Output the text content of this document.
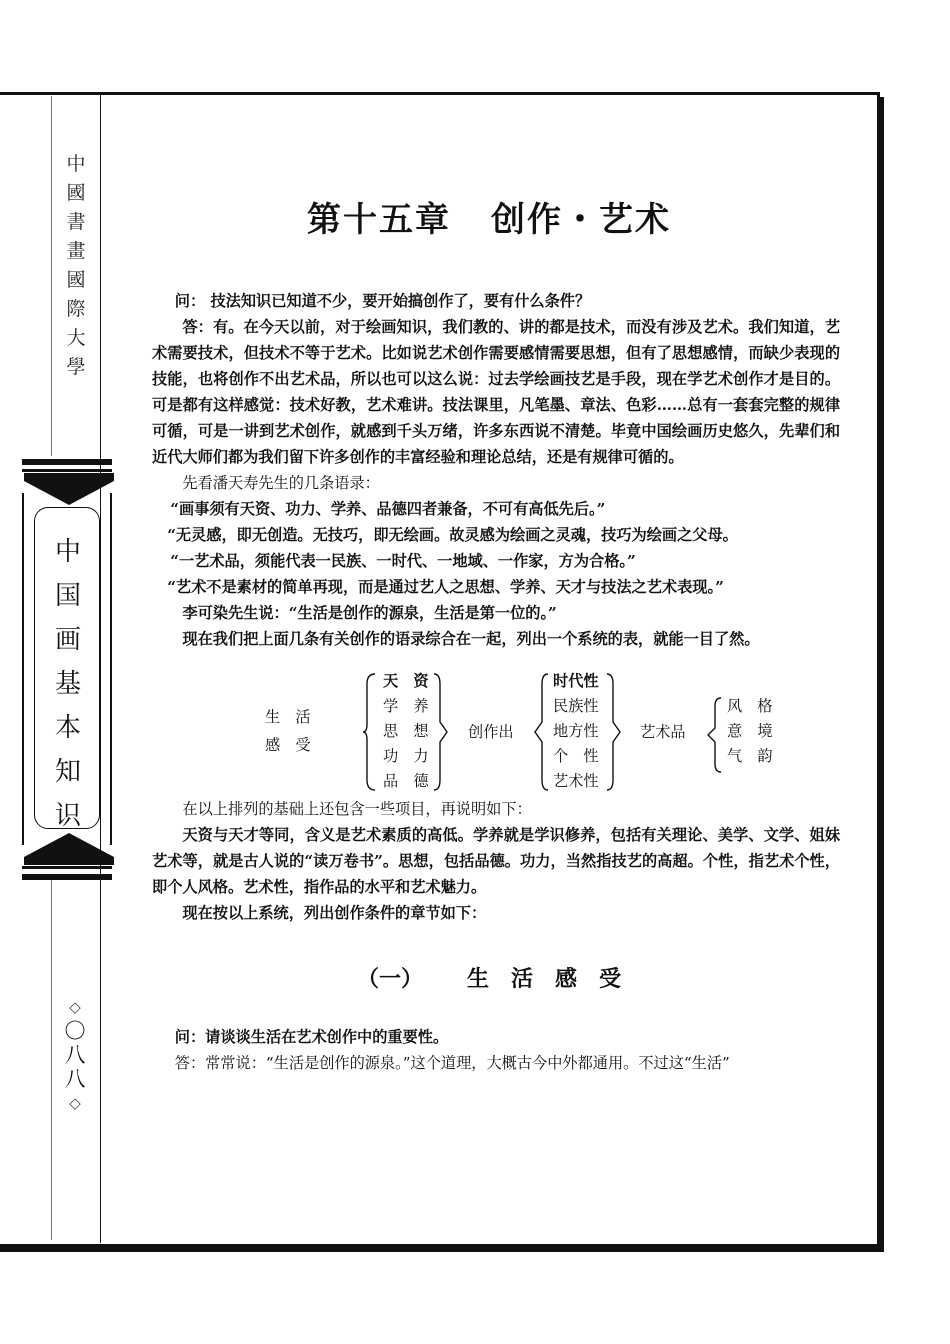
中
國
書
畫
國
際
大
學
中
国
画
基
本
知
识
◇
〇
八
八
◇
第十五章 创作・艺术

问： 技法知识已知道不少，要开始搞创作了，要有什么条件？

答：有。在今天以前，对于绘画知识，我们教的、讲的都是技术，而没有涉及艺术。我们知道，艺术需要技术，但技术不等于艺术。比如说艺术创作需要感情需要思想，但有了思想感情，而缺少表现的技能，也将创作不出艺术品，所以也可以这么说：过去学绘画技艺是手段，现在学艺术创作才是目的。可是都有这样感觉：技术好教，艺术难讲。技法课里，凡笔墨、章法、色彩……总有一套套完整的规律可循，可是一讲到艺术创作，就感到千头万绪，许多东西说不清楚。毕竟中国绘画历史悠久，先辈们和近代大师们都为我们留下许多创作的丰富经验和理论总结，还是有规律可循的。

先看潘天寿先生的几条语录：

“画事须有天资、功力、学养、品德四者兼备，不可有高低先后。”

“无灵感，即无创造。无技巧，即无绘画。故灵感为绘画之灵魂，技巧为绘画之父母。

“一艺术品，须能代表一民族、一时代、一地域、一作家，方为合格。”

“艺术不是素材的简单再现，而是通过艺人之思想、学养、天才与技法之艺术表现。”

李可染先生说：“生活是创作的源泉，生活是第一位的。”

现在我们把上面几条有关创作的语录综合在一起，列出一个系统的表，就能一目了然。

生　活
感　受
天　资
学　养
思　想
功　力
品　德
创作出
时代性
民族性
地方性
个　性
艺术性
艺术品
风　格
意　境
气　韵

在以上排列的基础上还包含一些项目，再说明如下：

天资与天才等同，含义是艺术素质的高低。学养就是学识修养，包括有关理论、美学、文学、姐妹艺术等，就是古人说的“读万卷书”。思想，包括品德。功力，当然指技艺的高超。个性，指艺术个性，即个人风格。艺术性，指作品的水平和艺术魅力。

现在按以上系统，列出创作条件的章节如下：

（一） 生　活　感　受

问：请谈谈生活在艺术创作中的重要性。

答：常常说：“生活是创作的源泉。”这个道理，大概古今中外都通用。不过这“生活”
